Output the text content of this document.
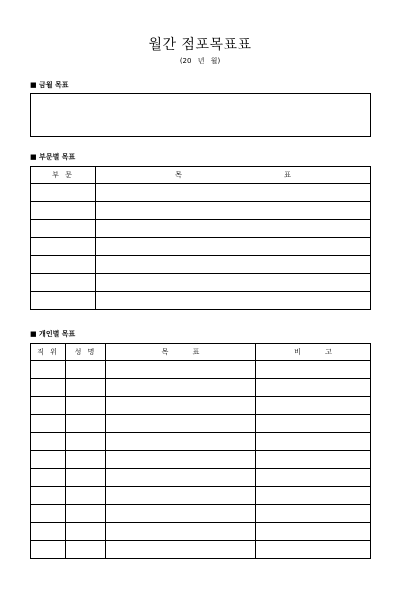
월간 점포목표표
(20 년 월)
■ 금월 목표
■ 부문별 목표
부 문	목 표

■ 개인별 목표
직 위	성 명	목 표	비 고
